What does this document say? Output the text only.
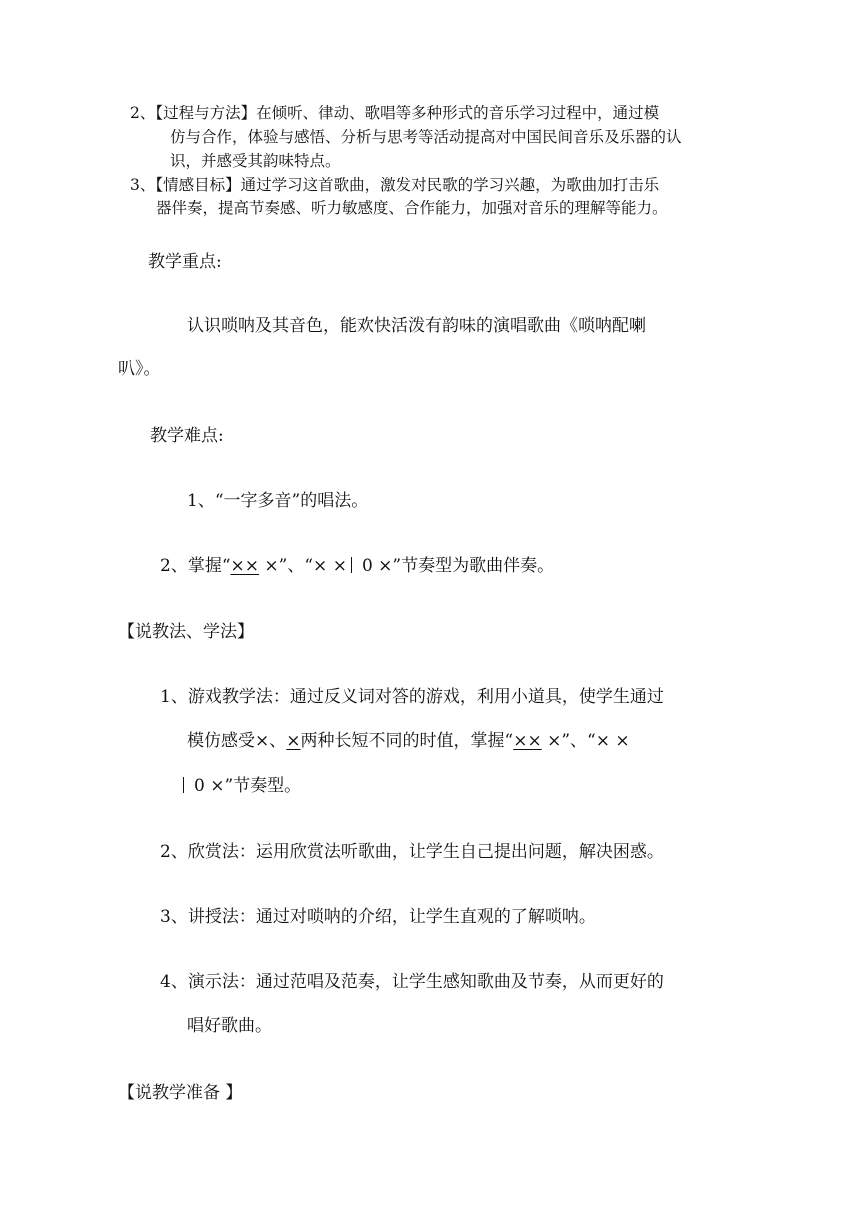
2、【过程与方法】在倾听、律动、歌唱等多种形式的音乐学习过程中，通过模
仿与合作，体验与感悟、分析与思考等活动提高对中国民间音乐及乐器的认
识，并感受其韵味特点。
3、【情感目标】通过学习这首歌曲，激发对民歌的学习兴趣，为歌曲加打击乐
器伴奏，提高节奏感、听力敏感度、合作能力，加强对音乐的理解等能力。
教学重点:
认识唢呐及其音色，能欢快活泼有韵味的演唱歌曲《唢呐配喇
叭》。
教学难点:
1、“一字多音”的唱法。
2、掌握“×× ×”、“× × 0 ×”节奏型为歌曲伴奏。
【说教法、学法】
1、游戏教学法：通过反义词对答的游戏，利用小道具，使学生通过
模仿感受×、×两种长短不同的时值，掌握“×× ×”、“× ×
0 ×”节奏型。
2、欣赏法：运用欣赏法听歌曲，让学生自己提出问题，解决困惑。
3、讲授法：通过对唢呐的介绍，让学生直观的了解唢呐。
4、演示法：通过范唱及范奏，让学生感知歌曲及节奏，从而更好的
唱好歌曲。
【说教学准备 】
